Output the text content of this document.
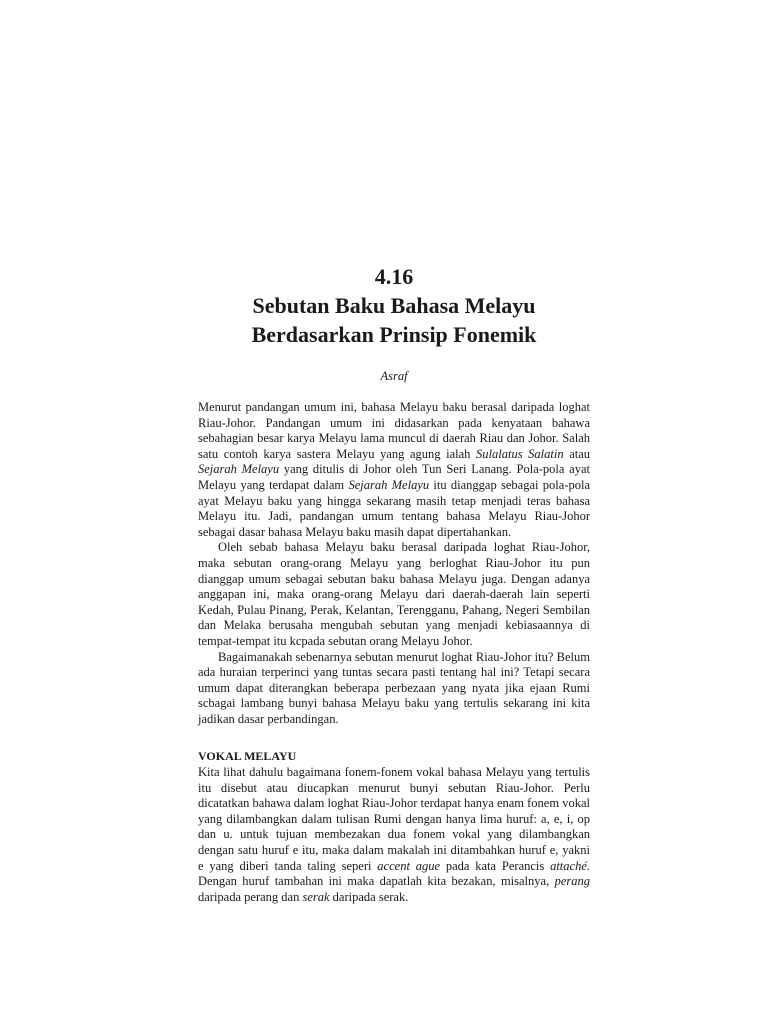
4.16
Sebutan Baku Bahasa Melayu
Berdasarkan Prinsip Fonemik
Asraf

Menurut pandangan umum ini, bahasa Melayu baku berasal daripada loghat Riau-Johor. Pandangan umum ini didasarkan pada kenyataan bahawa sebahagian besar karya Melayu lama muncul di daerah Riau dan Johor. Salah satu contoh karya sastera Melayu yang agung ialah Sulalatus Salatin atau Sejarah Melayu yang ditulis di Johor oleh Tun Seri Lanang. Pola-pola ayat Melayu yang terdapat dalam Sejarah Melayu itu dianggap sebagai pola-pola ayat Melayu baku yang hingga sekarang masih tetap menjadi teras bahasa Melayu itu. Jadi, pandangan umum tentang bahasa Melayu Riau-Johor sebagai dasar bahasa Melayu baku masih dapat dipertahankan.

Oleh sebab bahasa Melayu baku berasal daripada loghat Riau-Johor, maka sebutan orang-orang Melayu yang berloghat Riau-Johor itu pun dianggap umum sebagai sebutan baku bahasa Melayu juga. Dengan adanya anggapan ini, maka orang-orang Melayu dari daerah-daerah lain seperti Kedah, Pulau Pinang, Perak, Kelantan, Terengganu, Pahang, Negeri Sembilan dan Melaka berusaha mengubah sebutan yang menjadi kebiasaannya di tempat-tempat itu kcpada sebutan orang Melayu Johor.

Bagaimanakah sebenarnya sebutan menurut loghat Riau-Johor itu? Belum ada huraian terperinci yang tuntas secara pasti tentang hal ini? Tetapi secara umum dapat diterangkan beberapa perbezaan yang nyata jika ejaan Rumi scbagai lambang bunyi bahasa Melayu baku yang tertulis sekarang ini kita jadikan dasar perbandingan.

VOKAL MELAYU

Kita lihat dahulu bagaimana fonem-fonem vokal bahasa Melayu yang tertulis itu disebut atau diucapkan menurut bunyi sebutan Riau-Johor. Perlu dicatatkan bahawa dalam loghat Riau-Johor terdapat hanya enam fonem vokal yang dilambangkan dalam tulisan Rumi dengan hanya lima huruf: a, e, i, op dan u. untuk tujuan membezakan dua fonem vokal yang dilambangkan dengan satu huruf e itu, maka dalam makalah ini ditambahkan huruf e, yakni e yang diberi tanda taling seperi accent ague pada kata Perancis attaché. Dengan huruf tambahan ini maka dapatlah kita bezakan, misalnya, perang daripada perang dan serak daripada serak.
